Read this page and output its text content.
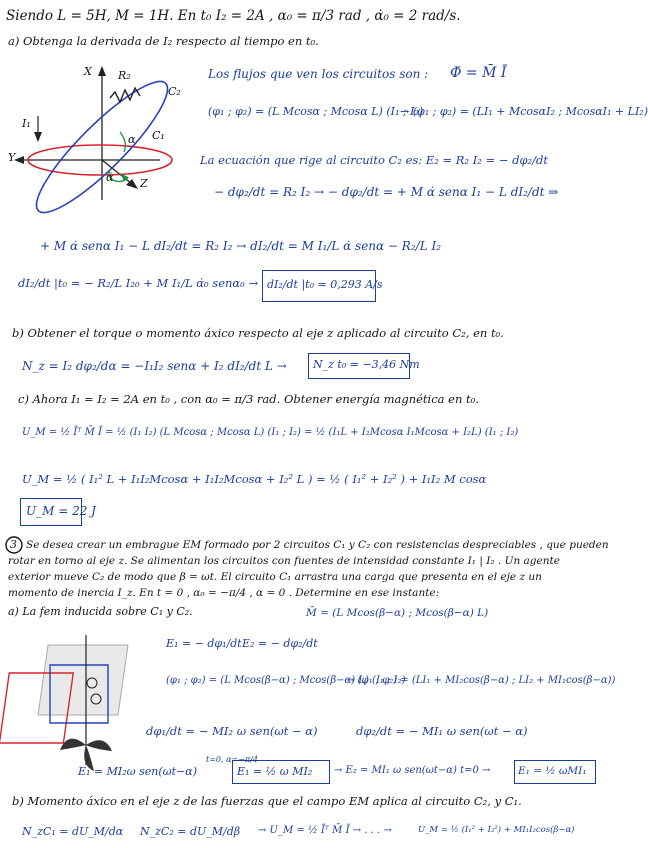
Siendo L = 5H, M = 1H. En t₀ I₂ = 2A , α₀ = π/3 rad , α̇₀ = 2 rad/s.
a) Obtenga la derivada de I₂ respecto al tiempo en t₀.
X
Y
Z
R₂
C₂
C₁
I₁
α
α̇
Los flujos que ven los circuitos son : Φ̄ = M̄ Ī
(φ₁ ; φ₂) = (L Mcosα ; Mcosα L) (I₁ ; I₂)
→ (φ₁ ; φ₂) = (LI₁ + McosαI₂ ; McosαI₁ + LI₂)
La ecuación que rige al circuito C₂ es: E₂ = R₂ I₂ = − dφ₂/dt
− dφ₂/dt = R₂ I₂ → − dφ₂/dt = + M α̇ senα I₁ − L dI₂/dt ⇒
+ M α̇ senα I₁ − L dI₂/dt = R₂ I₂ → dI₂/dt = M I₁/L α̇ senα − R₂/L I₂
dI₂/dt |t₀ = − R₂/L I₂₀ + M I₁/L α̇₀ senα₀ → dI₂/dt |t₀ = 0,293 A/s
b) Obtener el torque o momento áxico respecto al eje z aplicado al circuito C₂, en t₀.
N_z = I₂ dφ₂/dα = −I₁I₂ senα + I₂ dI₂/dt L → N_z t₀ = −3,46 Nm
c) Ahora I₁ = I₂ = 2A en t₀ , con α₀ = π/3 rad. Obtener energía magnética en t₀.
U_M = ½ Īᵀ M̄ Ī = ½ (I₁ I₂) (L Mcosα ; Mcosα L) (I₁ ; I₂) = ½ (I₁L + I₂Mcosα I₁Mcosα + I₂L) (I₁ ; I₂)
U_M = ½ ( I₁² L + I₁I₂Mcosα + I₁I₂Mcosα + I₂² L ) = ½ ( I₁² + I₂² ) + I₁I₂ M cosα
U_M = 22 J
3 Se desea crear un embrague EM formado por 2 circuitos C₁ y C₂ con resistencias despreciables , que pueden
rotar en torno al eje z. Se alimentan los circuitos con fuentes de intensidad constante I₁ | I₂ . Un agente
exterior mueve C₂ de modo que β = ωt. El circuito C₁ arrastra una carga que presenta en el eje z un
momento de inercia I_z. En t = 0 , α₀ = −π/4 , α = 0 . Determine en ese instante:
a) La fem inducida sobre C₁ y C₂.	M̄ = (L Mcos(β−α) ; Mcos(β−α) L)
E₁ = − dφ₁/dt E₂ = − dφ₂/dt
(φ₁ ; φ₂) = (L Mcos(β−α) ; Mcos(β−α) L) (I₁ ; I₂)
→ (φ₁ ; φ₂) = (LI₁ + MI₂cos(β−α) ; LI₂ + MI₁cos(β−α))
dφ₁/dt = − MI₂ ω sen(ωt − α)	dφ₂/dt = − MI₁ ω sen(ωt − α)
E₁ = MI₂ω sen(ωt−α)
t=0, α=−π/4
E₁ = ½ ω MI₂ → E₂ = MI₁ ω sen(ωt−α) t=0 →	E₁ = ½ ωMI₁
b) Momento áxico en el eje z de las fuerzas que el campo EM aplica al circuito C₂, y C₁.
N_zC₁ = dU_M/dα N_zC₂ = dU_M/dβ → U_M = ½ Īᵀ M̄ Ī → . . . →	U_M = ½ (I₁² + I₂²) + MI₁I₂cos(β−α)
